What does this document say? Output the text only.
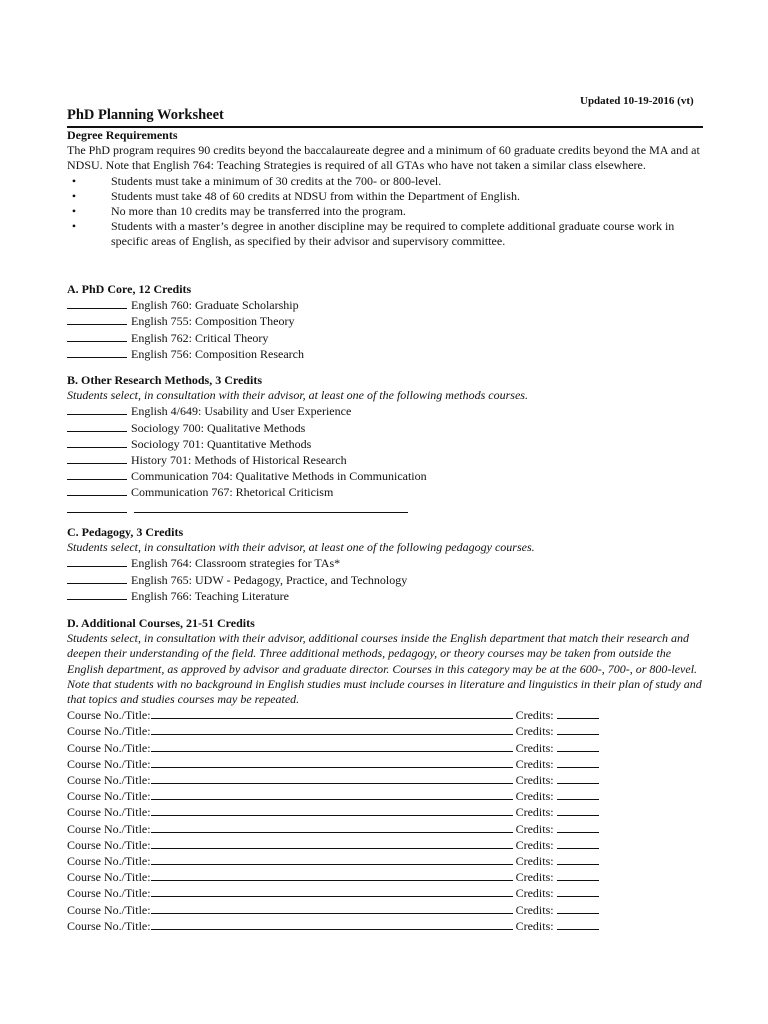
Updated 10-19-2016 (vt)
PhD Planning Worksheet
Degree Requirements
The PhD program requires 90 credits beyond the baccalaureate degree and a minimum of 60 graduate credits beyond the MA and at NDSU. Note that English 764: Teaching Strategies is required of all GTAs who have not taken a similar class elsewhere.
•	Students must take a minimum of 30 credits at the 700- or 800-level.
•	Students must take 48 of 60 credits at NDSU from within the Department of English.
•	No more than 10 credits may be transferred into the program.
•	Students with a master’s degree in another discipline may be required to complete additional graduate course work in specific areas of English, as specified by their advisor and supervisory committee.
A. PhD Core, 12 Credits
English 760: Graduate Scholarship
English 755: Composition Theory
English 762: Critical Theory
English 756: Composition Research
B. Other Research Methods, 3 Credits
Students select, in consultation with their advisor, at least one of the following methods courses.
English 4/649: Usability and User Experience
Sociology 700: Qualitative Methods
Sociology 701: Quantitative Methods
History 701: Methods of Historical Research
Communication 704: Qualitative Methods in Communication
Communication 767: Rhetorical Criticism

C. Pedagogy, 3 Credits
Students select, in consultation with their advisor, at least one of the following pedagogy courses.
English 764: Classroom strategies for TAs*
English 765: UDW - Pedagogy, Practice, and Technology
English 766: Teaching Literature
D. Additional Courses, 21-51 Credits
Students select, in consultation with their advisor, additional courses inside the English department that match their research and deepen their understanding of the field. Three additional methods, pedagogy, or theory courses may be taken from outside the English department, as approved by advisor and graduate director. Courses in this category may be at the 600-, 700-, or 800-level. Note that students with no background in English studies must include courses in literature and linguistics in their plan of study and that topics and studies courses may be repeated.
Course No./Title:	Credits:
Course No./Title:	Credits:
Course No./Title:	Credits:
Course No./Title:	Credits:
Course No./Title:	Credits:
Course No./Title:	Credits:
Course No./Title:	Credits:
Course No./Title:	Credits:
Course No./Title:	Credits:
Course No./Title:	Credits:
Course No./Title:	Credits:
Course No./Title:	Credits:
Course No./Title:	Credits:
Course No./Title:	Credits:
